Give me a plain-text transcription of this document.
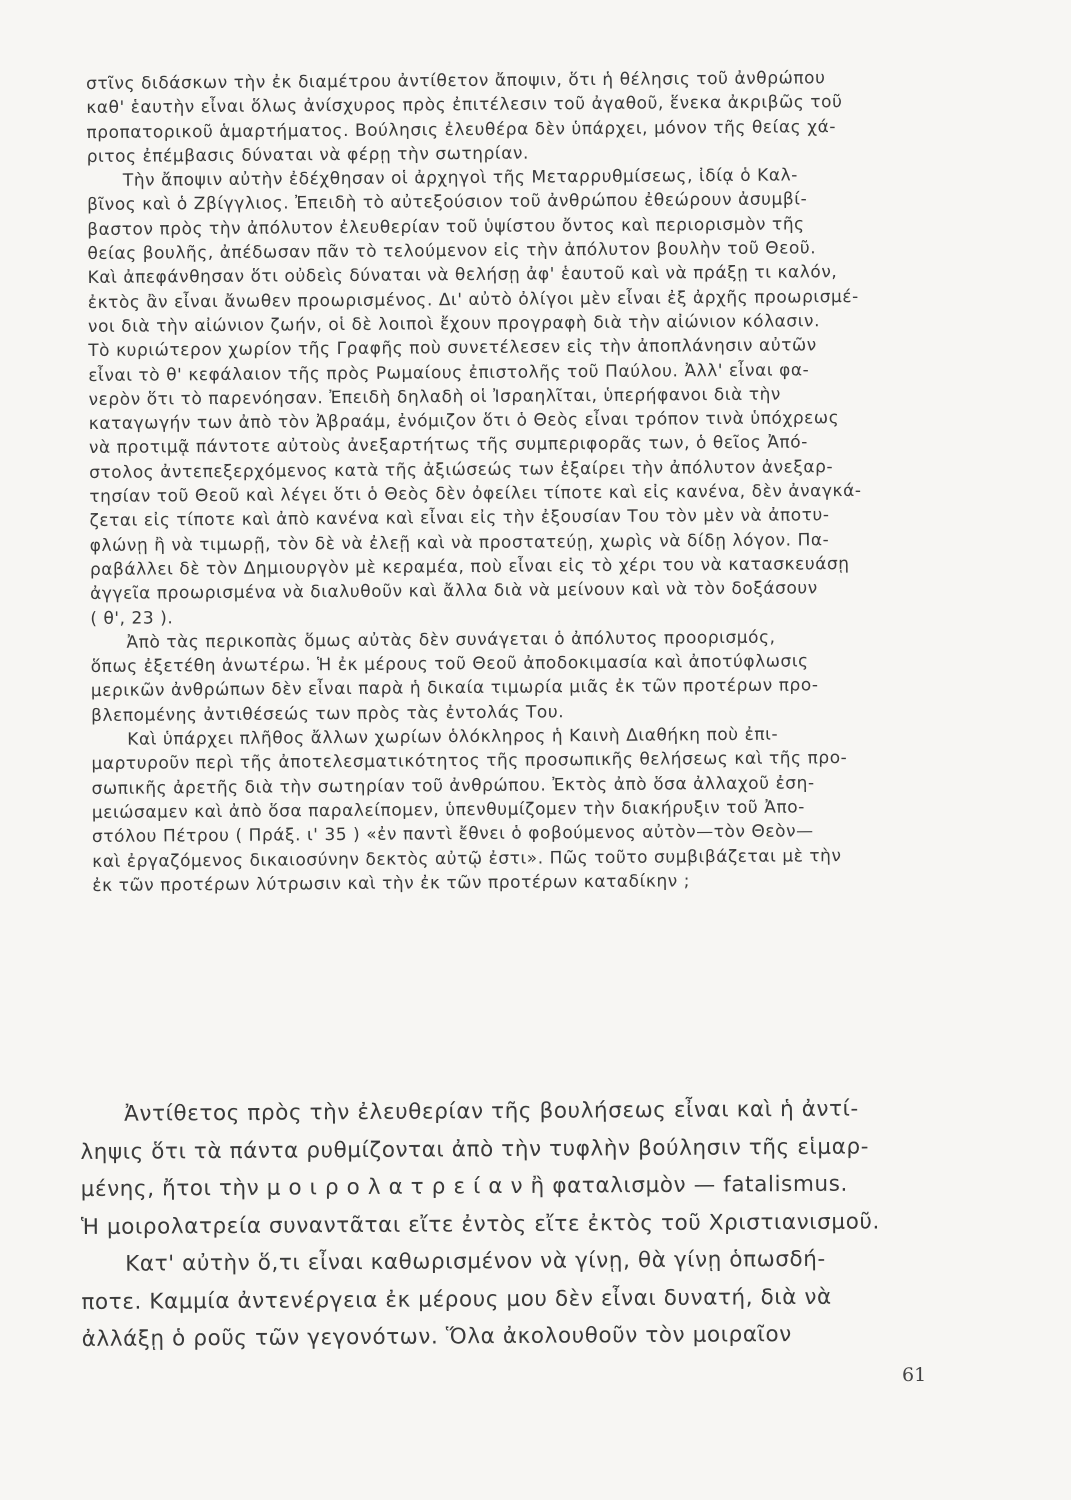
στῖνς διδάσκων τὴν ἐκ διαμέτρου ἀντίθετον ἄποψιν, ὅτι ἡ θέλησις τοῦ ἀνθρώπου
καθ' ἑαυτὴν εἶναι ὅλως ἀνίσχυρος πρὸς ἐπιτέλεσιν τοῦ ἀγαθοῦ, ἕνεκα ἀκριβῶς τοῦ
προπατορικοῦ ἁμαρτήματος. Βούλησις ἐλευθέρα δὲν ὑπάρχει, μόνον τῆς θείας χά-
ριτος ἐπέμβασις δύναται νὰ φέρῃ τὴν σωτηρίαν.
Τὴν ἄποψιν αὐτὴν ἐδέχθησαν οἱ ἀρχηγοὶ τῆς Μεταρρυθμίσεως, ἰδίᾳ ὁ Καλ-
βῖνος καὶ ὁ Ζβίγγλιος. Ἐπειδὴ τὸ αὐτεξούσιον τοῦ ἀνθρώπου ἐθεώρουν ἀσυμβί-
βαστον πρὸς τὴν ἀπόλυτον ἐλευθερίαν τοῦ ὑψίστου ὄντος καὶ περιορισμὸν τῆς
θείας βουλῆς, ἀπέδωσαν πᾶν τὸ τελούμενον εἰς τὴν ἀπόλυτον βουλὴν τοῦ Θεοῦ.
Καὶ ἀπεφάνθησαν ὅτι οὐδεὶς δύναται νὰ θελήσῃ ἀφ' ἑαυτοῦ καὶ νὰ πράξῃ τι καλόν,
ἐκτὸς ἂν εἶναι ἄνωθεν προωρισμένος. Δι' αὐτὸ ὀλίγοι μὲν εἶναι ἐξ ἀρχῆς προωρισμέ-
νοι διὰ τὴν αἰώνιον ζωήν, οἱ δὲ λοιποὶ ἔχουν προγραφὴ διὰ τὴν αἰώνιον κόλασιν.
Τὸ κυριώτερον χωρίον τῆς Γραφῆς ποὺ συνετέλεσεν εἰς τὴν ἀποπλάνησιν αὐτῶν
εἶναι τὸ θ' κεφάλαιον τῆς πρὸς Ρωμαίους ἐπιστολῆς τοῦ Παύλου. Ἀλλ' εἶναι φα-
νερὸν ὅτι τὸ παρενόησαν. Ἐπειδὴ δηλαδὴ οἱ Ἰσραηλῖται, ὑπερήφανοι διὰ τὴν
καταγωγήν των ἀπὸ τὸν Ἀβραάμ, ἐνόμιζον ὅτι ὁ Θεὸς εἶναι τρόπον τινὰ ὑπόχρεως
νὰ προτιμᾷ πάντοτε αὐτοὺς ἀνεξαρτήτως τῆς συμπεριφορᾶς των, ὁ θεῖος Ἀπό-
στολος ἀντεπεξερχόμενος κατὰ τῆς ἀξιώσεώς των ἐξαίρει τὴν ἀπόλυτον ἀνεξαρ-
τησίαν τοῦ Θεοῦ καὶ λέγει ὅτι ὁ Θεὸς δὲν ὀφείλει τίποτε καὶ εἰς κανένα, δὲν ἀναγκά-
ζεται εἰς τίποτε καὶ ἀπὸ κανένα καὶ εἶναι εἰς τὴν ἐξουσίαν Του τὸν μὲν νὰ ἀποτυ-
φλώνῃ ἢ νὰ τιμωρῇ, τὸν δὲ νὰ ἐλεῇ καὶ νὰ προστατεύῃ, χωρὶς νὰ δίδῃ λόγον. Πα-
ραβάλλει δὲ τὸν Δημιουργὸν μὲ κεραμέα, ποὺ εἶναι εἰς τὸ χέρι του νὰ κατασκευάσῃ
ἀγγεῖα προωρισμένα νὰ διαλυθοῦν καὶ ἄλλα διὰ νὰ μείνουν καὶ νὰ τὸν δοξάσουν
( θ', 23 ).
Ἀπὸ τὰς περικοπὰς ὅμως αὐτὰς δὲν συνάγεται ὁ ἀπόλυτος προορισμός,
ὅπως ἐξετέθη ἀνωτέρω. Ἡ ἐκ μέρους τοῦ Θεοῦ ἀποδοκιμασία καὶ ἀποτύφλωσις
μερικῶν ἀνθρώπων δὲν εἶναι παρὰ ἡ δικαία τιμωρία μιᾶς ἐκ τῶν προτέρων προ-
βλεπομένης ἀντιθέσεώς των πρὸς τὰς ἐντολάς Του.
Καὶ ὑπάρχει πλῆθος ἄλλων χωρίων ὁλόκληρος ἡ Καινὴ Διαθήκη ποὺ ἐπι-
μαρτυροῦν περὶ τῆς ἀποτελεσματικότητος τῆς προσωπικῆς θελήσεως καὶ τῆς προ-
σωπικῆς ἀρετῆς διὰ τὴν σωτηρίαν τοῦ ἀνθρώπου. Ἐκτὸς ἀπὸ ὅσα ἀλλαχοῦ ἐση-
μειώσαμεν καὶ ἀπὸ ὅσα παραλείπομεν, ὑπενθυμίζομεν τὴν διακήρυξιν τοῦ Ἀπο-
στόλου Πέτρου ( Πράξ. ι' 35 ) «ἐν παντὶ ἔθνει ὁ φοβούμενος αὐτὸν—τὸν Θεὸν—
καὶ ἐργαζόμενος δικαιοσύνην δεκτὸς αὐτῷ ἐστι». Πῶς τοῦτο συμβιβάζεται μὲ τὴν
ἐκ τῶν προτέρων λύτρωσιν καὶ τὴν ἐκ τῶν προτέρων καταδίκην ;
Ἀντίθετος πρὸς τὴν ἐλευθερίαν τῆς βουλήσεως εἶναι καὶ ἡ ἀντί-
ληψις ὅτι τὰ πάντα ρυθμίζονται ἀπὸ τὴν τυφλὴν βούλησιν τῆς εἱμαρ-
μένης, ἤτοι τὴν μ ο ι ρ ο λ α τ ρ ε ί α ν ἢ φαταλισμὸν — fatalismus.
Ἡ μοιρολατρεία συναντᾶται εἴτε ἐντὸς εἴτε ἐκτὸς τοῦ Χριστιανισμοῦ.
Κατ' αὐτὴν ὅ,τι εἶναι καθωρισμένον νὰ γίνῃ, θὰ γίνῃ ὁπωσδή-
ποτε. Καμμία ἀντενέργεια ἐκ μέρους μου δὲν εἶναι δυνατή, διὰ νὰ
ἀλλάξῃ ὁ ροῦς τῶν γεγονότων. Ὅλα ἀκολουθοῦν τὸν μοιραῖον
61
